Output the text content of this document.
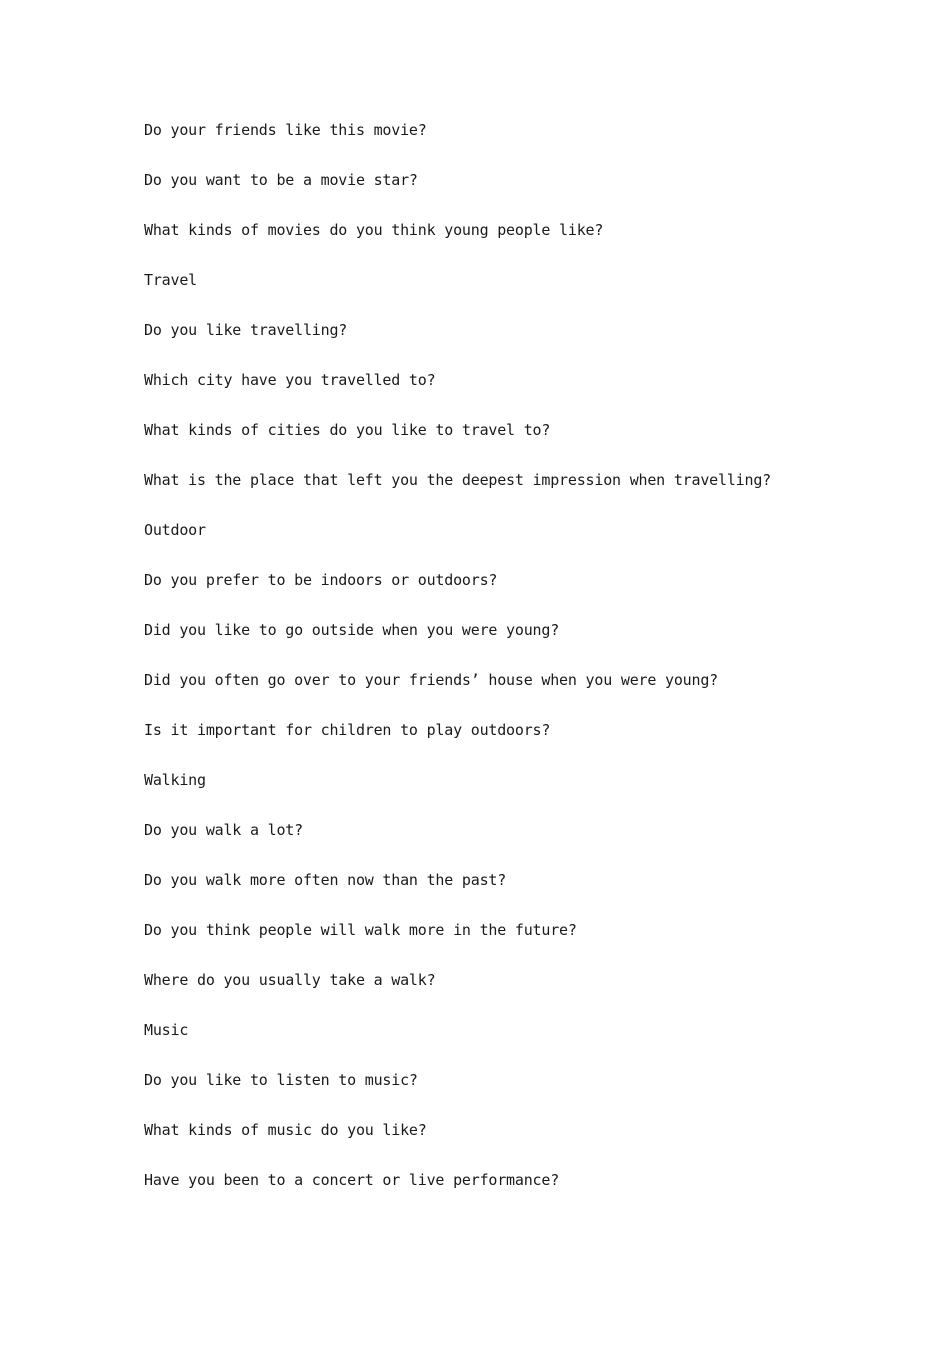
Do your friends like this movie?
Do you want to be a movie star?
What kinds of movies do you think young people like?
Travel
Do you like travelling?
Which city have you travelled to?
What kinds of cities do you like to travel to?
What is the place that left you the deepest impression when travelling?
Outdoor
Do you prefer to be indoors or outdoors?
Did you like to go outside when you were young?
Did you often go over to your friends’ house when you were young?
Is it important for children to play outdoors?
Walking
Do you walk a lot?
Do you walk more often now than the past?
Do you think people will walk more in the future?
Where do you usually take a walk?
Music
Do you like to listen to music?
What kinds of music do you like?
Have you been to a concert or live performance?
